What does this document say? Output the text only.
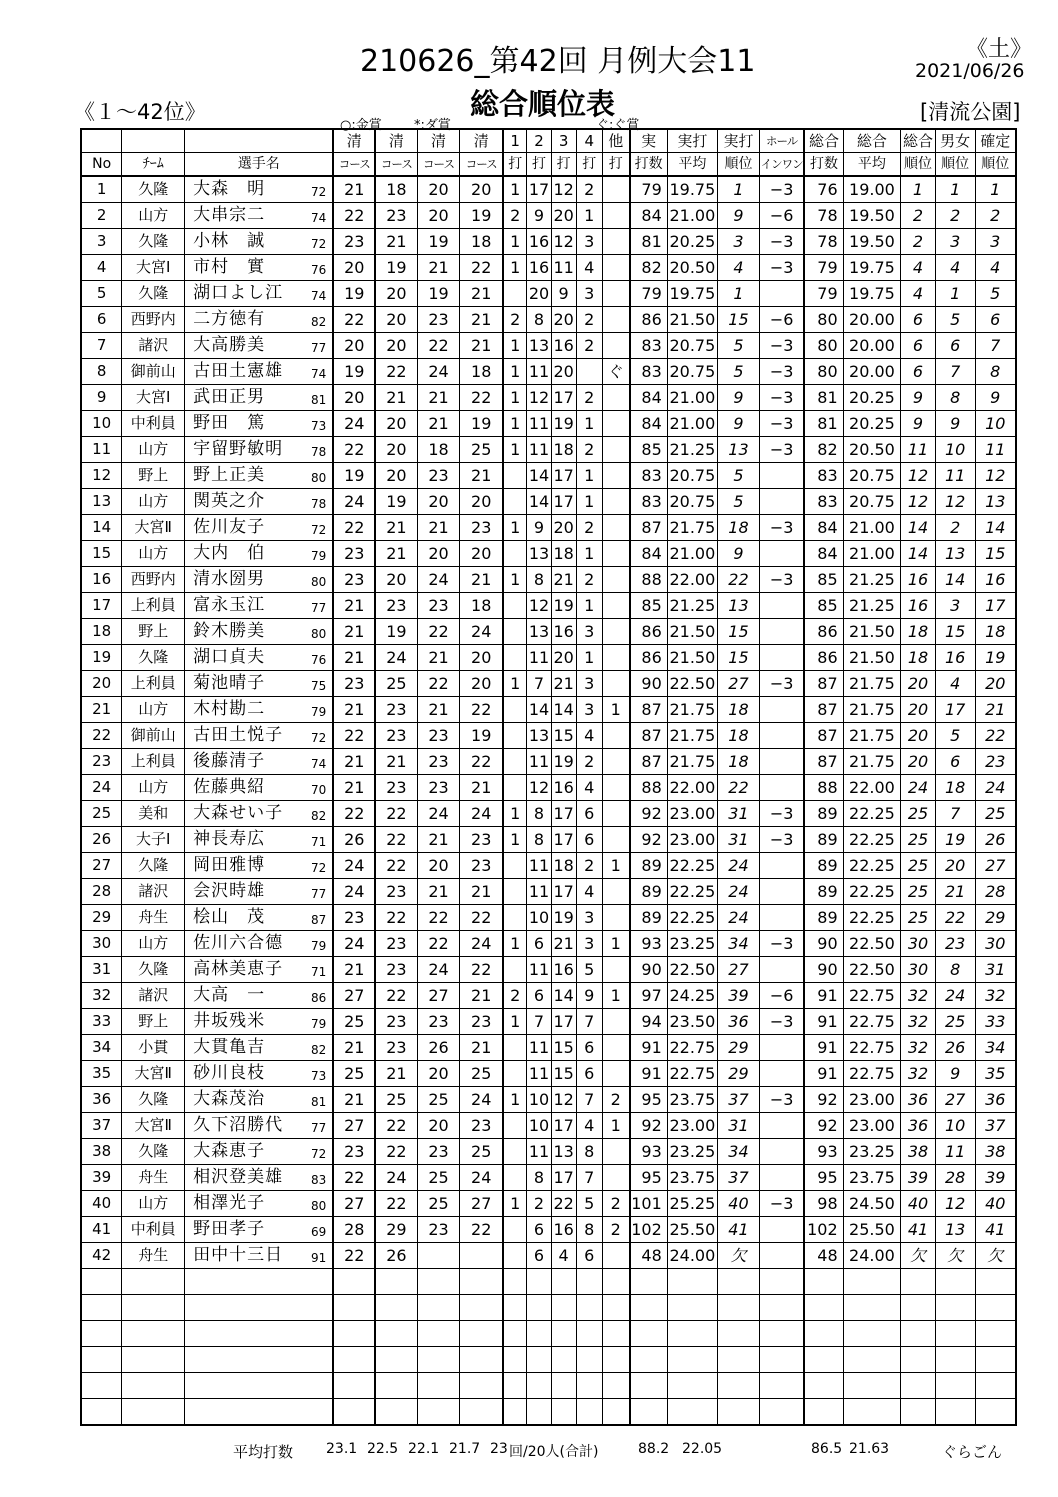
210626_第42回 月例大会11
総合順位表
《土》
2021/06/26
《１～42位》	[清流公園]
○:金賞 *:ダ賞	ぐ:ぐ賞
			清	清	清	清	1	2	3	4	他	実	実打	実打	ホール	総合	総合	総合	男女	確定
No	ﾁｰﾑ	選手名	コース	コース	コース	コース	打	打	打	打	打	打数	平均	順位	インワン	打数	平均	順位	順位	順位
1	久隆	大森　明 72	21	18	20	20	1	17	12	2		79	19.75	1	−3	76	19.00	1	1	1
2	山方	大串宗二 74	22	23	20	19	2	9	20	1		84	21.00	9	−6	78	19.50	2	2	2
3	久隆	小林　誠 72	23	21	19	18	1	16	12	3		81	20.25	3	−3	78	19.50	2	3	3
4	大宮Ⅰ	市村　實 76	20	19	21	22	1	16	11	4		82	20.50	4	−3	79	19.75	4	4	4
5	久隆	湖口よし江 74	19	20	19	21		20	9	3		79	19.75	1		79	19.75	4	1	5
6	西野内	二方徳有 82	22	20	23	21	2	8	20	2		86	21.50	15	−6	80	20.00	6	5	6
7	諸沢	大高勝美 77	20	20	22	21	1	13	16	2		83	20.75	5	−3	80	20.00	6	6	7
8	御前山	古田土憲雄 74	19	22	24	18	1	11	20		ぐ	83	20.75	5	−3	80	20.00	6	7	8
9	大宮Ⅰ	武田正男 81	20	21	21	22	1	12	17	2		84	21.00	9	−3	81	20.25	9	8	9
10	中利員	野田　篤 73	24	20	21	19	1	11	19	1		84	21.00	9	−3	81	20.25	9	9	10
11	山方	宇留野敏明 78	22	20	18	25	1	11	18	2		85	21.25	13	−3	82	20.50	11	10	11
12	野上	野上正美 80	19	20	23	21		14	17	1		83	20.75	5		83	20.75	12	11	12
13	山方	関英之介 78	24	19	20	20		14	17	1		83	20.75	5		83	20.75	12	12	13
14	大宮Ⅱ	佐川友子 72	22	21	21	23	1	9	20	2		87	21.75	18	−3	84	21.00	14	2	14
15	山方	大内　伯 79	23	21	20	20		13	18	1		84	21.00	9		84	21.00	14	13	15
16	西野内	清水圀男 80	23	20	24	21	1	8	21	2		88	22.00	22	−3	85	21.25	16	14	16
17	上利員	富永玉江 77	21	23	23	18		12	19	1		85	21.25	13		85	21.25	16	3	17
18	野上	鈴木勝美 80	21	19	22	24		13	16	3		86	21.50	15		86	21.50	18	15	18
19	久隆	湖口貞夫 76	21	24	21	20		11	20	1		86	21.50	15		86	21.50	18	16	19
20	上利員	菊池晴子 75	23	25	22	20	1	7	21	3		90	22.50	27	−3	87	21.75	20	4	20
21	山方	木村勘二 79	21	23	21	22		14	14	3	1	87	21.75	18		87	21.75	20	17	21
22	御前山	古田土悦子 72	22	23	23	19		13	15	4		87	21.75	18		87	21.75	20	5	22
23	上利員	後藤清子 74	21	21	23	22		11	19	2		87	21.75	18		87	21.75	20	6	23
24	山方	佐藤典紹 70	21	23	23	21		12	16	4		88	22.00	22		88	22.00	24	18	24
25	美和	大森せい子 82	22	22	24	24	1	8	17	6		92	23.00	31	−3	89	22.25	25	7	25
26	大子Ⅰ	神長寿広 71	26	22	21	23	1	8	17	6		92	23.00	31	−3	89	22.25	25	19	26
27	久隆	岡田雅博 72	24	22	20	23		11	18	2	1	89	22.25	24		89	22.25	25	20	27
28	諸沢	会沢時雄 77	24	23	21	21		11	17	4		89	22.25	24		89	22.25	25	21	28
29	舟生	桧山　茂 87	23	22	22	22		10	19	3		89	22.25	24		89	22.25	25	22	29
30	山方	佐川六合德 79	24	23	22	24	1	6	21	3	1	93	23.25	34	−3	90	22.50	30	23	30
31	久隆	高林美恵子 71	21	23	24	22		11	16	5		90	22.50	27		90	22.50	30	8	31
32	諸沢	大高　一 86	27	22	27	21	2	6	14	9	1	97	24.25	39	−6	91	22.75	32	24	32
33	野上	井坂残米 79	25	23	23	23	1	7	17	7		94	23.50	36	−3	91	22.75	32	25	33
34	小貫	大貫亀吉 82	21	23	26	21		11	15	6		91	22.75	29		91	22.75	32	26	34
35	大宮Ⅱ	砂川良枝 73	25	21	20	25		11	15	6		91	22.75	29		91	22.75	32	9	35
36	久隆	大森茂治 81	21	25	25	24	1	10	12	7	2	95	23.75	37	−3	92	23.00	36	27	36
37	大宮Ⅱ	久下沼勝代 77	27	22	20	23		10	17	4	1	92	23.00	31		92	23.00	36	10	37
38	久隆	大森恵子 72	23	22	23	25		11	13	8		93	23.25	34		93	23.25	38	11	38
39	舟生	相沢登美雄 83	22	24	25	24		8	17	7		95	23.75	37		95	23.75	39	28	39
40	山方	相澤光子 80	27	22	25	27	1	2	22	5	2	101	25.25	40	−3	98	24.50	40	12	40
41	中利員	野田孝子 69	28	29	23	22		6	16	8	2	102	25.50	41		102	25.50	41	13	41
42	舟生	田中十三日 91	22	26				6	4	6		48	24.00	欠		48	24.00	欠	欠	欠

平均打数 23.1 22.5 22.1 21.7 23 回/20人(合計)	88.2 22.05	86.5 21.63	ぐらごん
